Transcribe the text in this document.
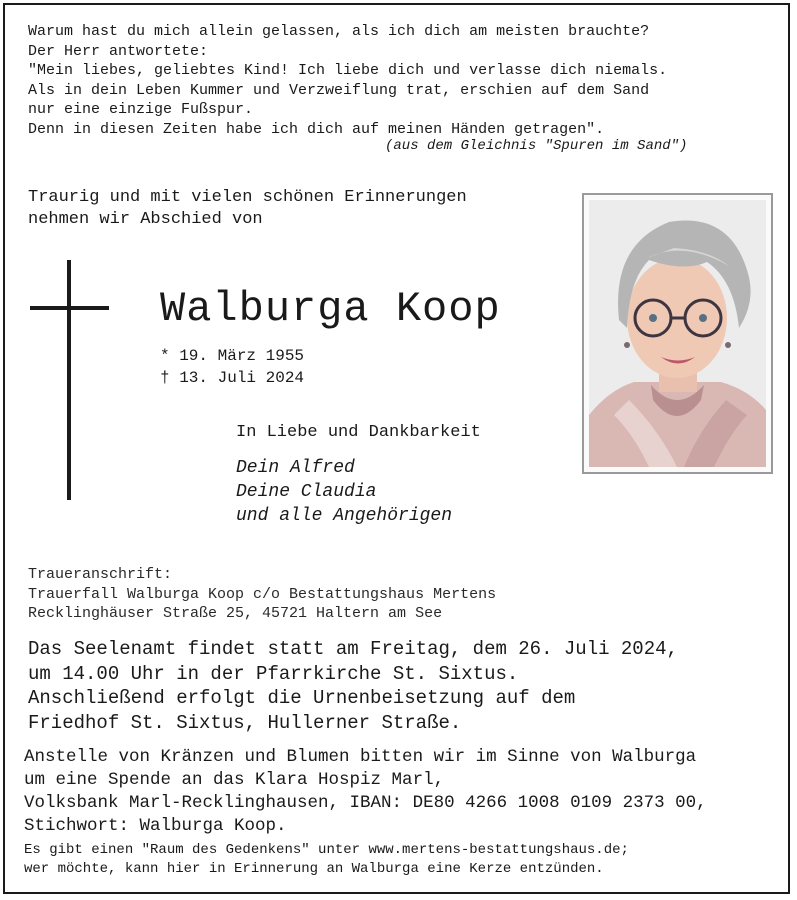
Warum hast du mich allein gelassen, als ich dich am meisten brauchte?
Der Herr antwortete:
"Mein liebes, geliebtes Kind! Ich liebe dich und verlasse dich niemals.
Als in dein Leben Kummer und Verzweiflung trat, erschien auf dem Sand
nur eine einzige Fußspur.
Denn in diesen Zeiten habe ich dich auf meinen Händen getragen".
(aus dem Gleichnis "Spuren im Sand")
Traurig und mit vielen schönen Erinnerungen
nehmen wir Abschied von
Walburga Koop
* 19. März 1955
† 13. Juli 2024
In Liebe und Dankbarkeit
Dein Alfred
Deine Claudia
und alle Angehörigen
Traueranschrift:
Trauerfall Walburga Koop c/o Bestattungshaus Mertens
Recklinghäuser Straße 25, 45721 Haltern am See
Das Seelenamt findet statt am Freitag, dem 26. Juli 2024,
um 14.00 Uhr in der Pfarrkirche St. Sixtus.
Anschließend erfolgt die Urnenbeisetzung auf dem
Friedhof St. Sixtus, Hullerner Straße.
Anstelle von Kränzen und Blumen bitten wir im Sinne von Walburga
um eine Spende an das Klara Hospiz Marl,
Volksbank Marl-Recklinghausen, IBAN: DE80 4266 1008 0109 2373 00,
Stichwort: Walburga Koop.
Es gibt einen "Raum des Gedenkens" unter www.mertens-bestattungshaus.de;
wer möchte, kann hier in Erinnerung an Walburga eine Kerze entzünden.
